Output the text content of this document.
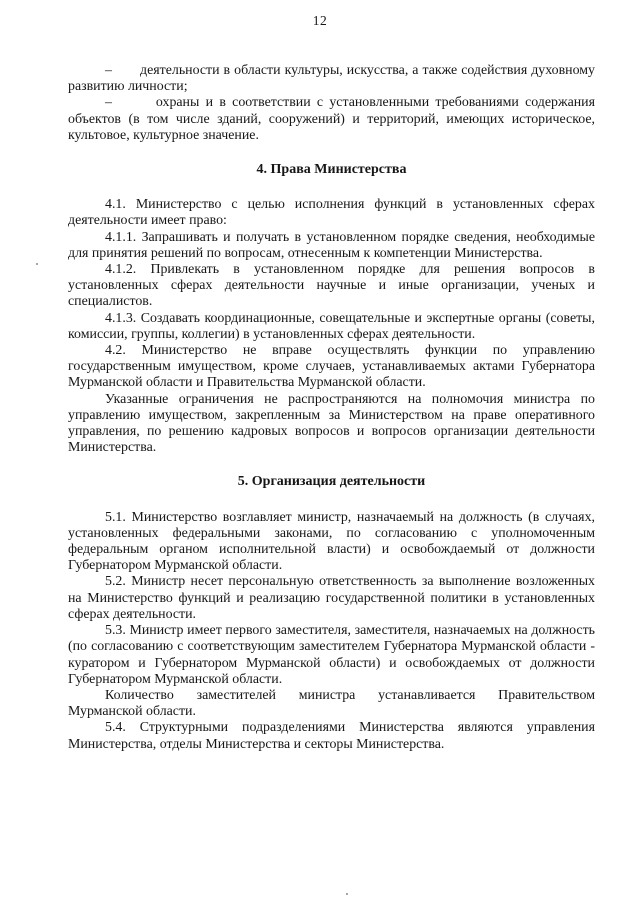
12

– деятельности в области культуры, искусства, а также содействия духовному развитию личности;

–	охраны и в соответствии с установленными требованиями содержания объектов (в том числе зданий, сооружений) и территорий, имеющих историческое, культовое, культурное значение.

4. Права Министерства

4.1. Министерство с целью исполнения функций в установленных сферах деятельности имеет право:

4.1.1. Запрашивать и получать в установленном порядке сведения, необходимые для принятия решений по вопросам, отнесенным к компетенции Министерства.

4.1.2. Привлекать в установленном порядке для решения вопросов в установленных сферах деятельности научные и иные организации, ученых и специалистов.

4.1.3. Создавать координационные, совещательные и экспертные органы (советы, комиссии, группы, коллегии) в установленных сферах деятельности.

4.2. Министерство не вправе осуществлять функции по управлению государственным имуществом, кроме случаев, устанавливаемых актами Губернатора Мурманской области и Правительства Мурманской области.

Указанные ограничения не распространяются на полномочия министра по управлению имуществом, закрепленным за Министерством на праве оперативного управления, по решению кадровых вопросов и вопросов организации деятельности Министерства.

5. Организация деятельности

5.1. Министерство возглавляет министр, назначаемый на должность (в случаях, установленных федеральными законами, по согласованию с уполномоченным федеральным органом исполнительной власти) и освобождаемый от должности Губернатором Мурманской области.

5.2. Министр несет персональную ответственность за выполнение возложенных на Министерство функций и реализацию государственной политики в установленных сферах деятельности.

5.3. Министр имеет первого заместителя, заместителя, назначаемых на должность (по согласованию с соответствующим заместителем Губернатора Мурманской области - куратором и Губернатором Мурманской области) и освобождаемых от должности Губернатором Мурманской области.

Количество заместителей министра устанавливается Правительством Мурманской области.

5.4. Структурными подразделениями Министерства являются управления Министерства, отделы Министерства и секторы Министерства.
